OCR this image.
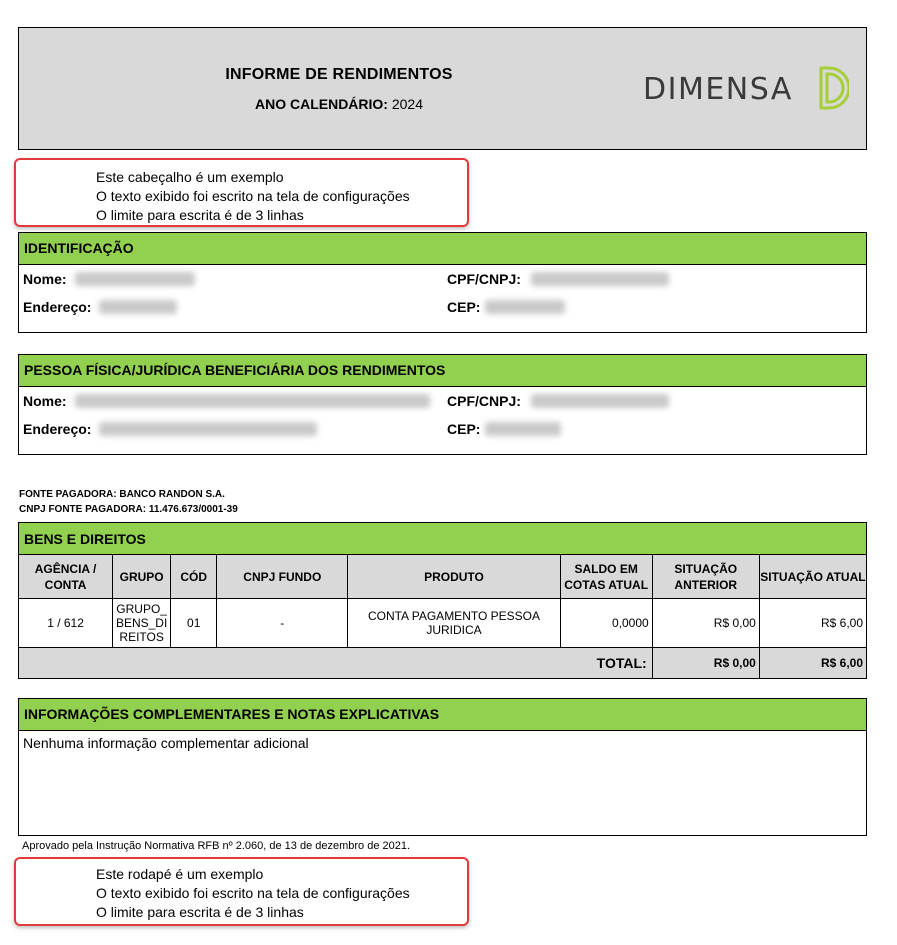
INFORME DE RENDIMENTOS
ANO CALENDÁRIO: 2024	DIMENSA
Este cabeçalho é um exemplo
O texto exibido foi escrito na tela de configurações
O limite para escrita é de 3 linhas
IDENTIFICAÇÃO
Nome:
Endereço:
CPF/CNPJ:
CEP:
PESSOA FÍSICA/JURÍDICA BENEFICIÁRIA DOS RENDIMENTOS
Nome:
Endereço:
CPF/CNPJ:
CEP:
FONTE PAGADORA: BANCO RANDON S.A.
CNPJ FONTE PAGADORA: 11.476.673/0001-39
BENS E DIREITOS							
AGÊNCIA / CONTA	GRUPO	CÓD	CNPJ FUNDO	PRODUTO	SALDO EM COTAS ATUAL	SITUAÇÃO ANTERIOR	SITUAÇÃO ATUAL
1 / 612	GRUPO_ BENS_DI REITOS	01	-	CONTA PAGAMENTO PESSOA JURIDICA	0,0000	R$ 0,00	R$ 6,00
TOTAL:						R$ 0,00	R$ 6,00
INFORMAÇÕES COMPLEMENTARES E NOTAS EXPLICATIVAS
Nenhuma informação complementar adicional
Aprovado pela Instrução Normativa RFB nº 2.060, de 13 de dezembro de 2021.
Este rodapé é um exemplo
O texto exibido foi escrito na tela de configurações
O limite para escrita é de 3 linhas
